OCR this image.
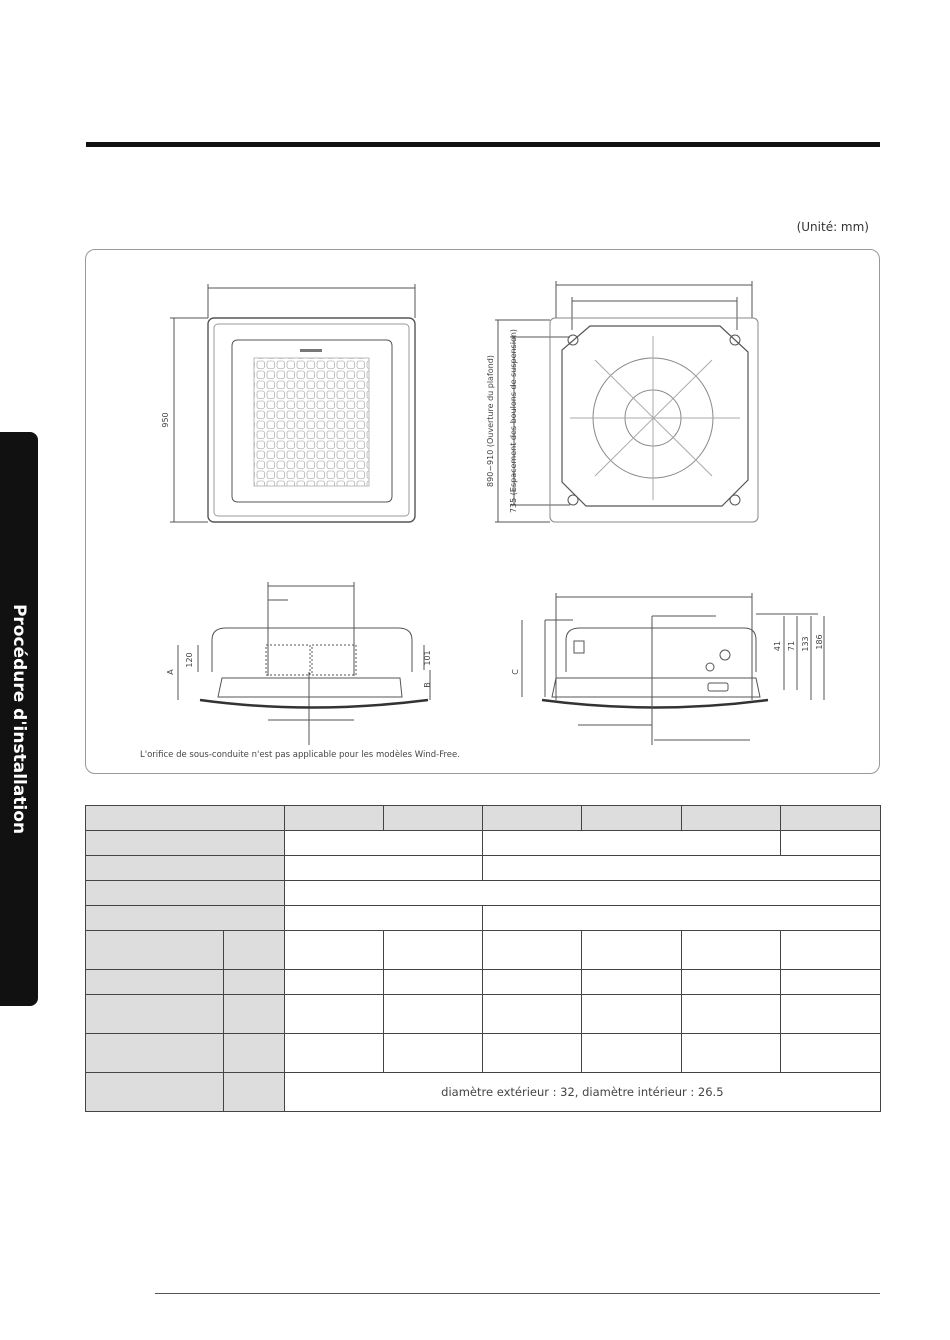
(Unité: mm)
Procédure d'installation
950	890~910 (Ouverture du plafond) 735 (Espacement des boulons de suspension)
A
120	101
B
C
41 71 133 186
L'orifice de sous-conduite n'est pas applicable pour les modèles Wind-Free.

		diamètre extérieur : 32, diamètre intérieur : 26.5					
